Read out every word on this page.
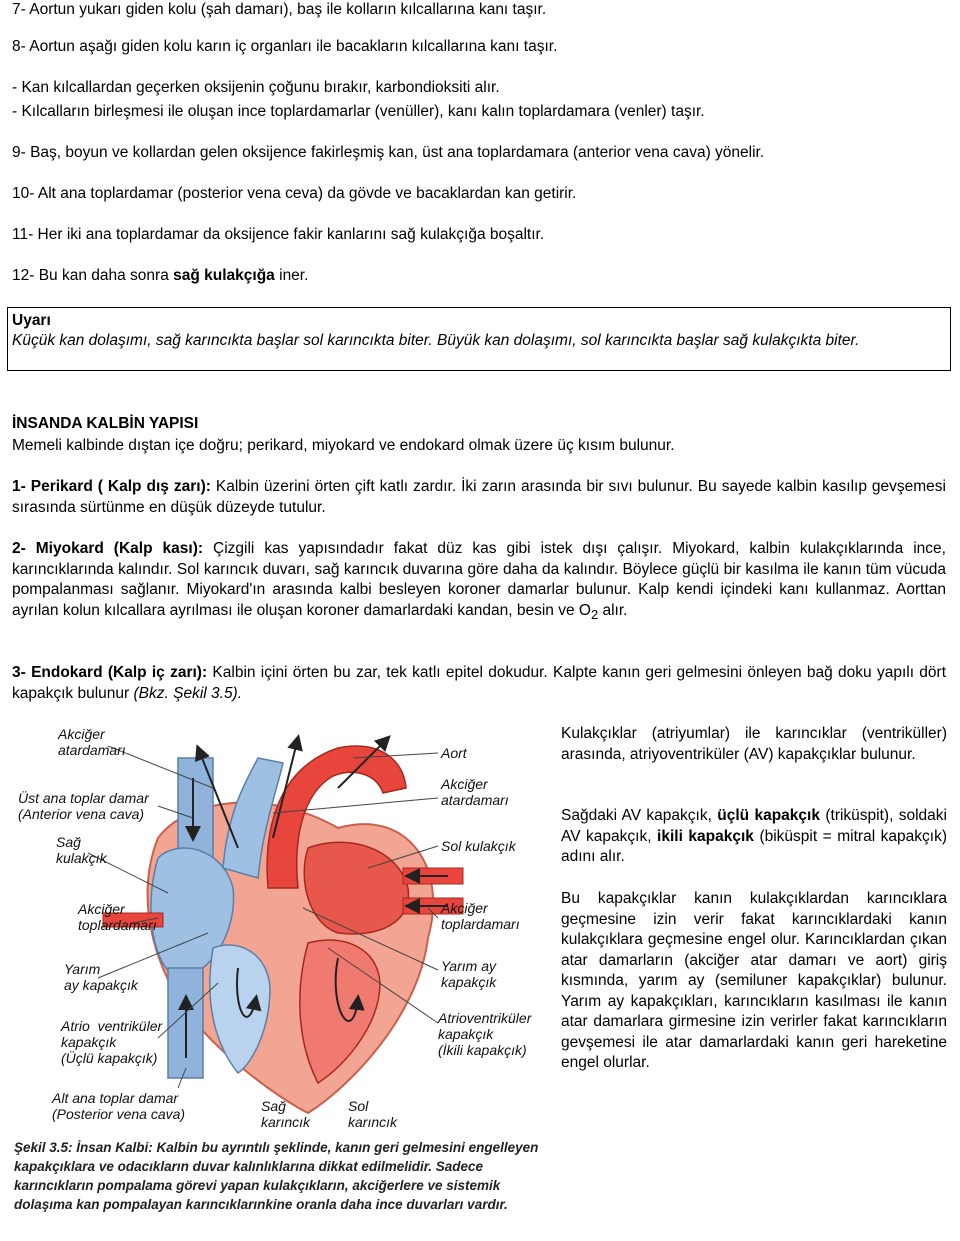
7- Aortun yukarı giden kolu (şah damarı), baş ile kolların kılcallarına kanı taşır.
8- Aortun aşağı giden kolu karın iç organları ile bacakların kılcallarına kanı taşır.
- Kan kılcallardan geçerken oksijenin çoğunu bırakır, karbondioksiti alır.
- Kılcalların birleşmesi ile oluşan ince toplardamarlar (venüller), kanı kalın toplardamara (venler) taşır.
9- Baş, boyun ve kollardan gelen oksijence fakirleşmiş kan, üst ana toplardamara (anterior vena cava) yönelir.
10- Alt ana toplardamar (posterior vena ceva) da gövde ve bacaklardan kan getirir.
11- Her iki ana toplardamar da oksijence fakir kanlarını sağ kulakçığa boşaltır.
12- Bu kan daha sonra sağ kulakçığa iner.
Uyarı
Küçük kan dolaşımı, sağ karıncıkta başlar sol karıncıkta biter. Büyük kan dolaşımı, sol karıncıkta başlar sağ kulakçıkta biter.
İNSANDA KALBİN YAPISI
Memeli kalbinde dıştan içe doğru; perikard, miyokard ve endokard olmak üzere üç kısım bulunur.
1- Perikard ( Kalp dış zarı): Kalbin üzerini örten çift katlı zardır. İki zarın arasında bir sıvı bulunur. Bu sayede kalbin kasılıp gevşemesi sırasında sürtünme en düşük düzeyde tutulur.
2- Miyokard (Kalp kası): Çizgili kas yapısındadır fakat düz kas gibi istek dışı çalışır. Miyokard, kalbin kulakçıklarında ince, karıncıklarında kalındır. Sol karıncık duvarı, sağ karıncık duvarına göre daha da kalındır. Böylece güçlü bir kasılma ile kanın tüm vücuda pompalanması sağlanır. Miyokard'ın arasında kalbi besleyen koroner damarlar bulunur. Kalp kendi içindeki kanı kullanmaz. Aorttan ayrılan kolun kılcallara ayrılması ile oluşan koroner damarlardaki kandan, besin ve $O_2$ alır.
3- Endokard (Kalp iç zarı): Kalbin içini örten bu zar, tek katlı epitel dokudur. Kalpte kanın geri gelmesini önleyen bağ doku yapılı dört kapakçık bulunur (Bkz. Şekil 3.5).
Akciğer
atardamarı
Üst ana toplar damar
(Anterior vena cava)
Sağ
kulakçık
Akciğer
toplardamarı
Yarım
ay kapakçık
Atrio  ventriküler
kapakçık
(Üçlü kapakçık)
Alt ana toplar damar
(Posterior vena cava)	Sağ
karıncık
Sol
karıncık
Aort
Akciğer
atardamarı
Sol kulakçık
Akciğer
toplardamarı
Yarım ay
kapakçık
Atrioventriküler
kapakçık
(İkili kapakçık)
Şekil 3.5: İnsan Kalbi: Kalbin bu ayrıntılı şeklinde, kanın geri gelmesini engelleyen kapakçıklara ve odacıkların duvar kalınlıklarına dikkat edilmelidir. Sadece karıncıkların pompalama görevi yapan kulakçıkların, akciğerlere ve sistemik dolaşıma kan pompalayan karıncıklarınkine oranla daha ince duvarları vardır.
Kulakçıklar (atriyumlar) ile karıncıklar (ventriküller) arasında, atriyoventriküler (AV) kapakçıklar bulunur.
Sağdaki AV kapakçık, üçlü kapakçık (triküspit), soldaki AV kapakçık, ikili kapakçık (biküspit = mitral kapakçık) adını alır.
Bu kapakçıklar kanın kulakçıklardan karıncıklara geçmesine izin verir fakat karıncıklardaki kanın kulakçıklara geçmesine engel olur. Karıncıklardan çıkan atar damarların (akciğer atar damarı ve aort) giriş kısmında, yarım ay (semiluner kapakçıklar) bulunur. Yarım ay kapakçıkları, karıncıkların kasılması ile kanın atar damarlara girmesine izin verirler fakat karıncıkların gevşemesi ile atar damarlardaki kanın geri hareketine engel olurlar.
